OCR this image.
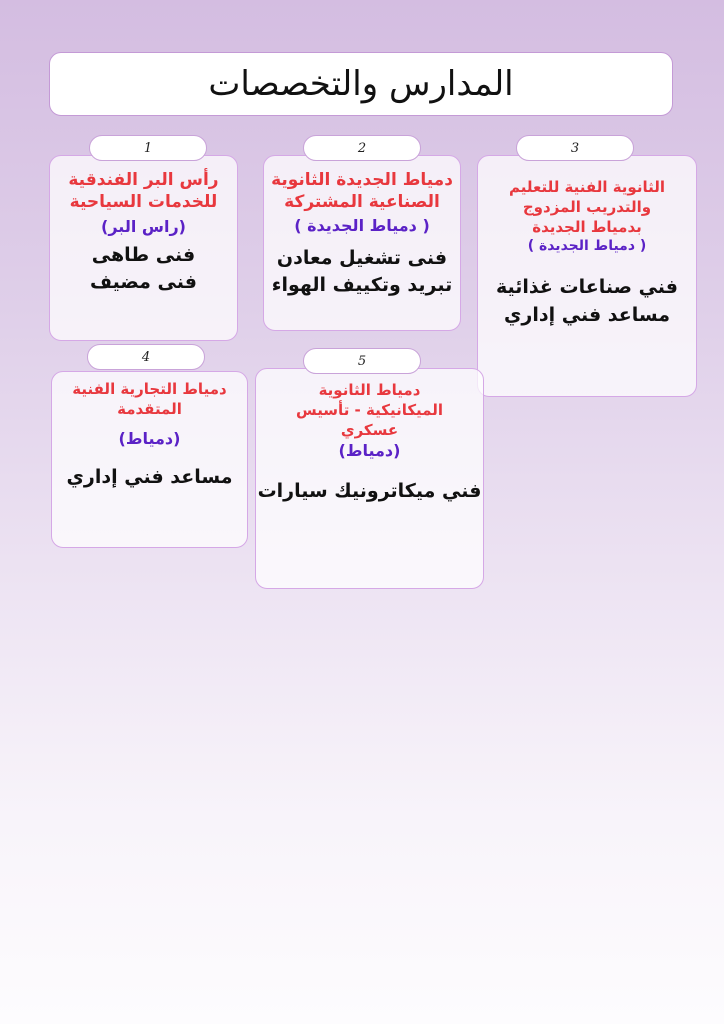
المدارس والتخصصات
الثانوية الفنية للتعليم
والتدريب المزدوج
بدمياط الجديدة
( دمياط الجديدة )
فني صناعات غذائية
مساعد فني إداري
3
دمياط الجديدة الثانوية
الصناعية المشتركة
( دمياط الجديدة )
فنى تشغيل معادن
تبريد وتكييف الهواء
2
رأس البر الفندقية
للخدمات السياحية
(راس البر)
فنى طاهى
فنى مضيف
1
دمياط الثانوية
الميكانيكية - تأسيس
عسكري
(دمياط)
فني ميكاترونيك سيارات
5
دمياط التجارية الفنية
المتقدمة
(دمياط)
مساعد فني إداري
4
